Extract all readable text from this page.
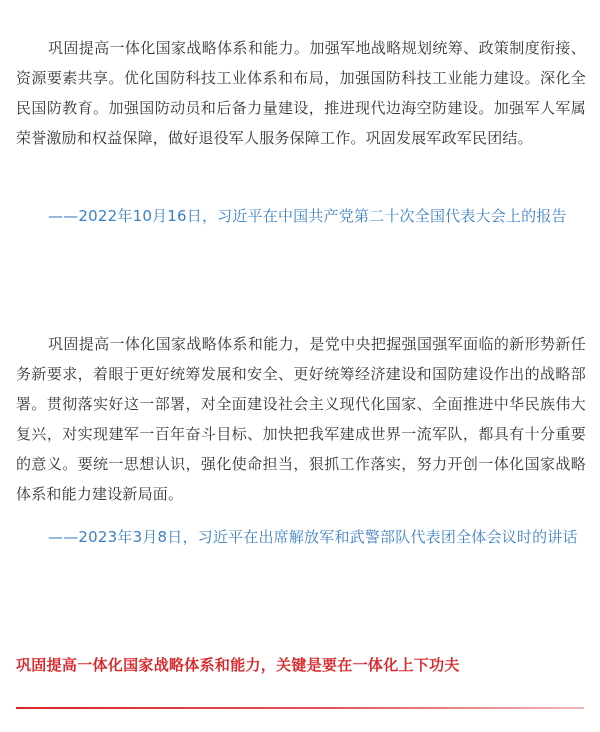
巩固提高一体化国家战略体系和能力。加强军地战略规划统筹、政策制度衔接、资源要素共享。优化国防科技工业体系和布局，加强国防科技工业能力建设。深化全民国防教育。加强国防动员和后备力量建设，推进现代边海空防建设。加强军人军属荣誉激励和权益保障，做好退役军人服务保障工作。巩固发展军政军民团结。

——2022年10月16日，习近平在中国共产党第二十次全国代表大会上的报告

巩固提高一体化国家战略体系和能力，是党中央把握强国强军面临的新形势新任务新要求，着眼于更好统筹发展和安全、更好统筹经济建设和国防建设作出的战略部署。贯彻落实好这一部署，对全面建设社会主义现代化国家、全面推进中华民族伟大复兴，对实现建军一百年奋斗目标、加快把我军建成世界一流军队，都具有十分重要的意义。要统一思想认识，强化使命担当，狠抓工作落实，努力开创一体化国家战略体系和能力建设新局面。

——2023年3月8日，习近平在出席解放军和武警部队代表团全体会议时的讲话

巩固提高一体化国家战略体系和能力，关键是要在一体化上下功夫
